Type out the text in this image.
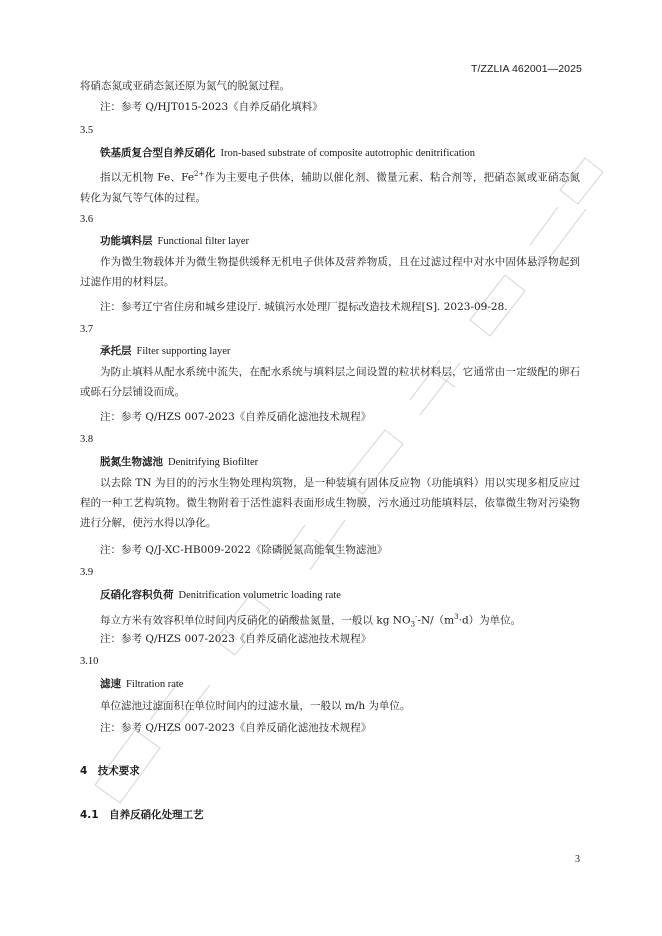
T/ZZLIA 462001—2025
将硝态氮或亚硝态氮还原为氮气的脱氮过程。
注：参考 Q/HJT015-2023《自养反硝化填料》
3.5
铁基质复合型自养反硝化 Iron-based substrate of composite autotrophic denitrification
指以无机物 Fe、$Fe^{2+}$作为主要电子供体，辅助以催化剂、微量元素、粘合剂等，把硝态氮或亚硝态氮转化为氮气等气体的过程。
3.6
功能填料层 Functional filter layer
作为微生物载体并为微生物提供缓释无机电子供体及营养物质，且在过滤过程中对水中固体悬浮物起到过滤作用的材料层。
注：参考辽宁省住房和城乡建设厅. 城镇污水处理厂提标改造技术规程[S]. 2023-09-28.
3.7
承托层 Filter supporting layer
为防止填料从配水系统中流失，在配水系统与填料层之间设置的粒状材料层，它通常由一定级配的卵石或砾石分层铺设而成。
注：参考 Q/HZS 007-2023《自养反硝化滤池技术规程》
3.8
脱氮生物滤池 Denitrifying Biofilter
以去除 TN 为目的的污水生物处理构筑物，是一种装填有固体反应物（功能填料）用以实现多相反应过程的一种工艺构筑物。微生物附着于活性滤料表面形成生物膜，污水通过功能填料层，依靠微生物对污染物进行分解，使污水得以净化。
注：参考 Q/J-XC-HB009-2022《除磷脱氮高能氧生物滤池》
3.9
反硝化容积负荷 Denitrification volumetric loading rate
每立方米有效容积单位时间内反硝化的硝酸盐氮量，一般以 kg $NO_3^--N/(m^3\cdot d)$为单位。
注：参考 Q/HZS 007-2023《自养反硝化滤池技术规程》
3.10
滤速 Filtration rate
单位滤池过滤面积在单位时间内的过滤水量，一般以 m/h 为单位。
注：参考 Q/HZS 007-2023《自养反硝化滤池技术规程》
4　技术要求
4.1　自养反硝化处理工艺
3
